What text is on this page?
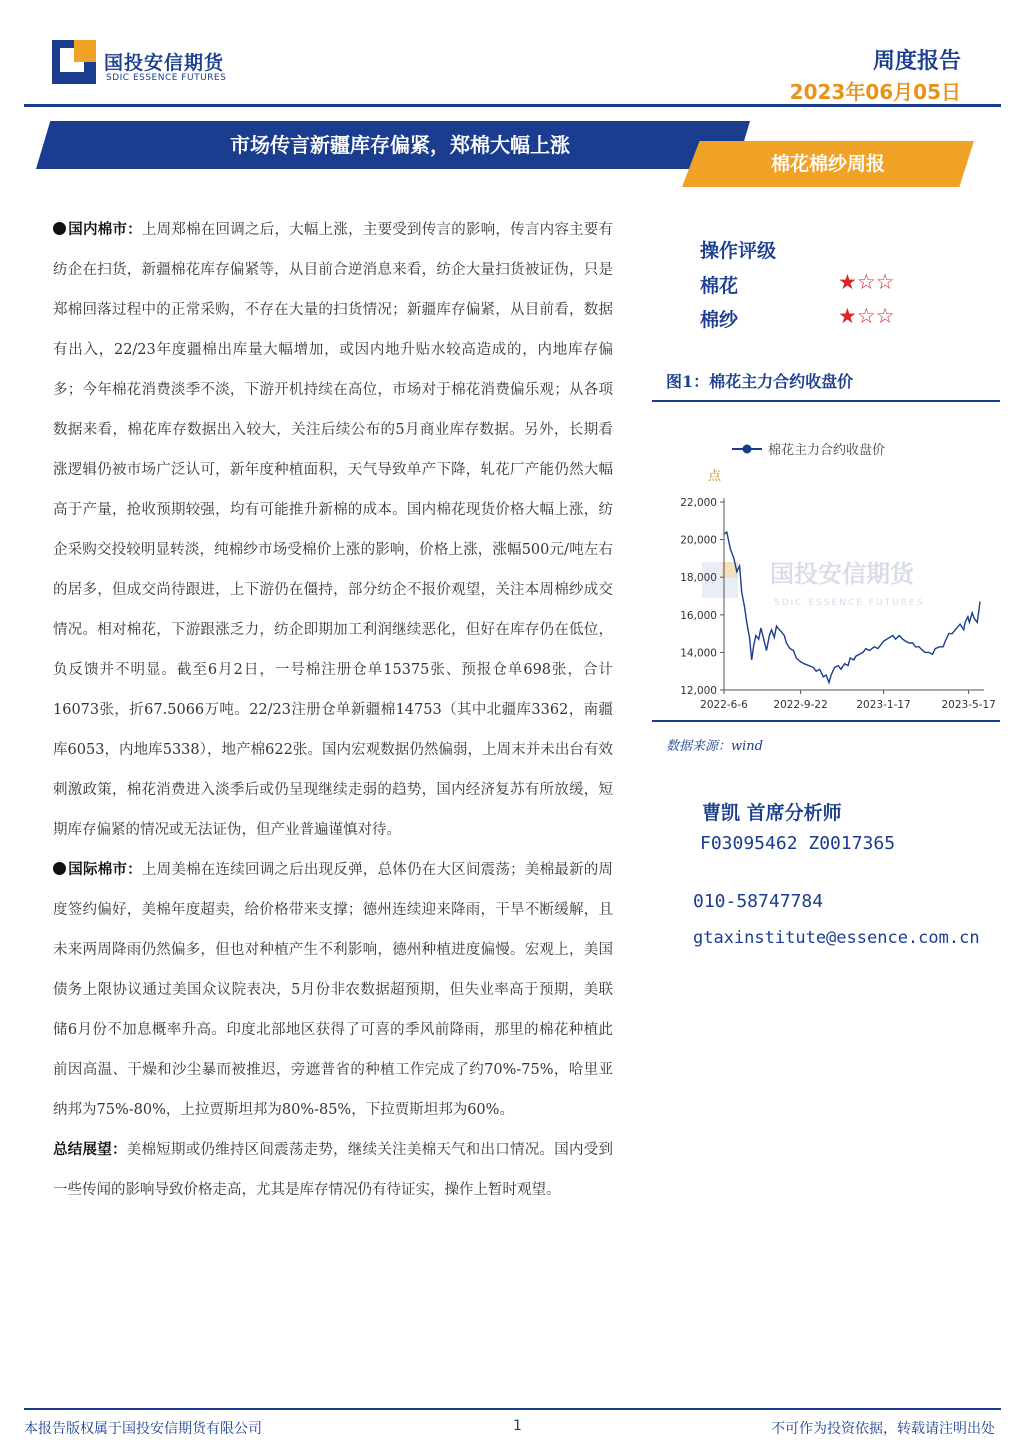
国投安信期货
SDIC ESSENCE FUTURES
周度报告
2023年06月05日
市场传言新疆库存偏紧，郑棉大幅上涨
棉花棉纱周报

国内棉市：上周郑棉在回调之后，大幅上涨，主要受到传言的影响，传言内容主要有纺企在扫货，新疆棉花库存偏紧等，从目前合逆消息来看，纺企大量扫货被证伪，只是郑棉回落过程中的正常采购，不存在大量的扫货情况；新疆库存偏紧，从目前看，数据有出入，22/23年度疆棉出库量大幅增加，或因内地升贴水较高造成的，内地库存偏多；今年棉花消费淡季不淡，下游开机持续在高位，市场对于棉花消费偏乐观；从各项数据来看，棉花库存数据出入较大，关注后续公布的5月商业库存数据。另外，长期看涨逻辑仍被市场广泛认可，新年度种植面积，天气导致单产下降，轧花厂产能仍然大幅高于产量，抢收预期较强，均有可能推升新棉的成本。国内棉花现货价格大幅上涨，纺企采购交投较明显转淡，纯棉纱市场受棉价上涨的影响，价格上涨，涨幅500元/吨左右的居多，但成交尚待跟进，上下游仍在僵持，部分纺企不报价观望，关注本周棉纱成交情况。相对棉花，下游跟涨乏力，纺企即期加工利润继续恶化，但好在库存仍在低位，负反馈并不明显。截至6月2日，一号棉注册仓单15375张、预报仓单698张，合计16073张，折67.5066万吨。22/23注册仓单新疆棉14753（其中北疆库3362，南疆库6053，内地库5338），地产棉622张。国内宏观数据仍然偏弱，上周末并未出台有效刺激政策，棉花消费进入淡季后或仍呈现继续走弱的趋势，国内经济复苏有所放缓，短期库存偏紧的情况或无法证伪，但产业普遍谨慎对待。

国际棉市：上周美棉在连续回调之后出现反弹，总体仍在大区间震荡；美棉最新的周度签约偏好，美棉年度超卖，给价格带来支撑；德州连续迎来降雨，干旱不断缓解，且未来两周降雨仍然偏多，但也对种植产生不利影响，德州种植进度偏慢。宏观上，美国债务上限协议通过美国众议院表决，5月份非农数据超预期，但失业率高于预期，美联储6月份不加息概率升高。印度北部地区获得了可喜的季风前降雨，那里的棉花种植此前因高温、干燥和沙尘暴而被推迟，旁遮普省的种植工作完成了约70%-75%，哈里亚纳邦为75%-80%，上拉贾斯坦邦为80%-85%，下拉贾斯坦邦为60%。

总结展望：美棉短期或仍维持区间震荡走势，继续关注美棉天气和出口情况。国内受到一些传闻的影响导致价格走高，尤其是库存情况仍有待证实，操作上暂时观望。

操作评级
棉花	★☆☆
棉纱	★☆☆
图1：棉花主力合约收盘价
国投安信期货
SDIC ESSENCE FUTURES
棉花主力合约收盘价
点
12,000
14,000
16,000
18,000
20,000
22,000
2022-6-6 2022-9-22	2023-1-17	2023-5-17
数据来源：wind
曹凯 首席分析师
F03095462 Z0017365
010-58747784
gtaxinstitute@essence.com.cn
本报告版权属于国投安信期货有限公司	1	不可作为投资依据，转载请注明出处
